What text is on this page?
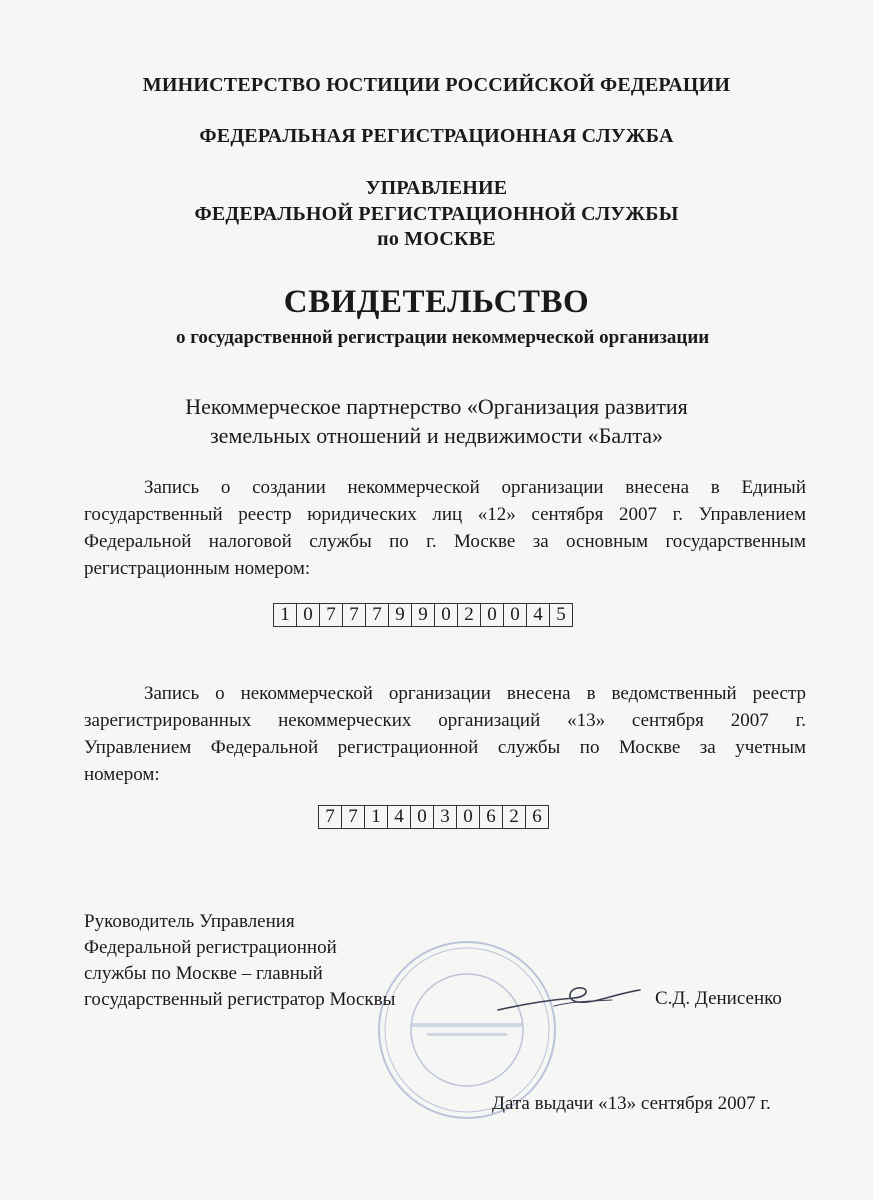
МИНИСТЕРСТВО ЮСТИЦИИ РОССИЙСКОЙ ФЕДЕРАЦИИ
ФЕДЕРАЛЬНАЯ РЕГИСТРАЦИОННАЯ СЛУЖБА
УПРАВЛЕНИЕ
ФЕДЕРАЛЬНОЙ РЕГИСТРАЦИОННОЙ СЛУЖБЫ
по МОСКВЕ
СВИДЕТЕЛЬСТВО
о государственной регистрации некоммерческой организации
Некоммерческое партнерство «Организация развития
земельных отношений и недвижимости «Балта»
Запись о создании некоммерческой организации внесена в Единый
государственный реестр юридических лиц «12» сентября 2007 г. Управлением
Федеральной налоговой службы по г. Москве за основным государственным
регистрационным номером:
1 0 7 7 7 9 9 0 2 0 0 4 5
Запись о некоммерческой организации внесена в ведомственный реестр
зарегистрированных некоммерческих организаций «13» сентября 2007 г.
Управлением Федеральной регистрационной службы по Москве за учетным
номером:
7 7 1 4 0 3 0 6 2 6
Руководитель Управления
Федеральной регистрационной
службы по Москве – главный
государственный регистратор Москвы	С.Д. Денисенко
Дата выдачи «13» сентября 2007 г.
